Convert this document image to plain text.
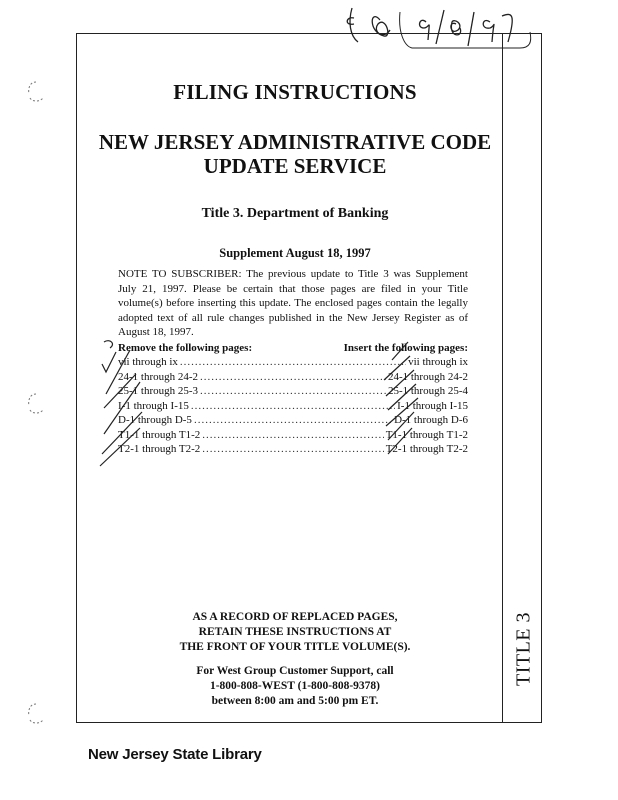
TITLE 3
FILING INSTRUCTIONS
NEW JERSEY ADMINISTRATIVE CODE
UPDATE SERVICE
Title 3. Department of Banking
Supplement August 18, 1997
NOTE TO SUBSCRIBER: The previous update to Title 3 was Supplement July 21, 1997. Please be certain that those pages are filed in your Title volume(s) before inserting this update. The enclosed pages contain the legally adopted text of all rule changes published in the New Jersey Register as of August 18, 1997.
Remove the following pages:	Insert the following pages:
vii through ix .....	vii through ix
24-1 through 24-2 .....	24-1 through 24-2
25-1 through 25-3 .....	25-1 through 25-4
I-1 through I-15 .....	I-1 through I-15
D-1 through D-5 .....	D-1 through D-6
T1-1 through T1-2 .....	T1-1 through T1-2
T2-1 through T2-2 .....	T2-1 through T2-2
AS A RECORD OF REPLACED PAGES,
RETAIN THESE INSTRUCTIONS AT
THE FRONT OF YOUR TITLE VOLUME(S).
For West Group Customer Support, call
1-800-808-WEST (1-800-808-9378)
between 8:00 am and 5:00 pm ET.
New Jersey State Library
